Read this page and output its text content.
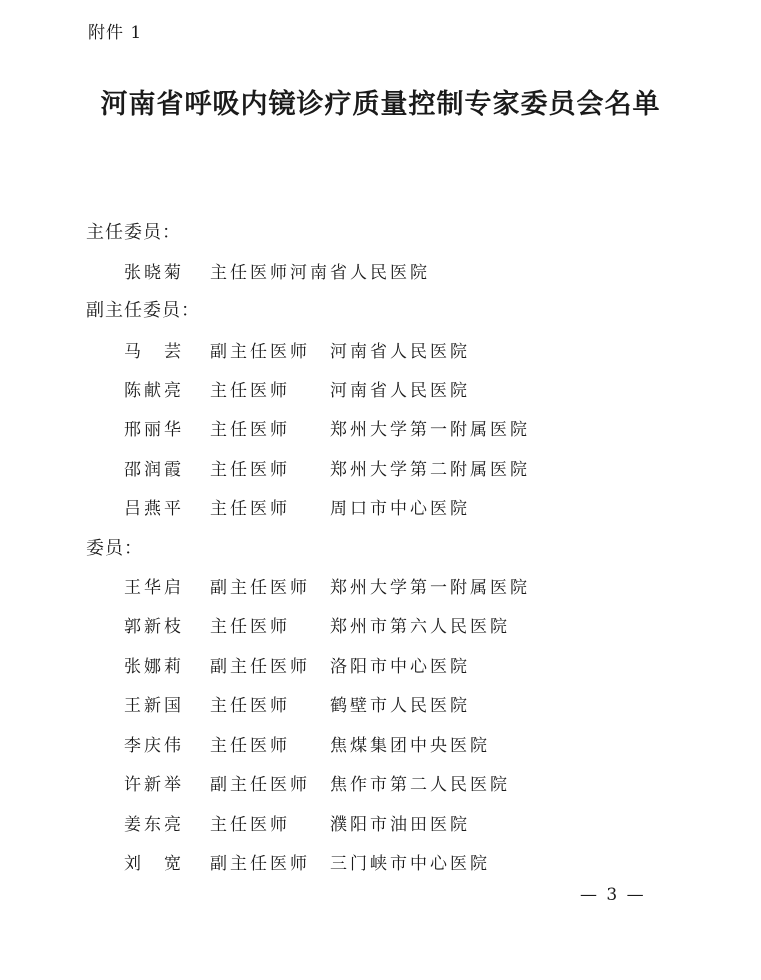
附件 1
河南省呼吸内镜诊疗质量控制专家委员会名单
主任委员：
张晓菊 主任医师河南省人民医院
副主任委员：
马　芸 副主任医师 河南省人民医院
陈献亮 主任医师 河南省人民医院
邢丽华 主任医师 郑州大学第一附属医院
邵润霞 主任医师 郑州大学第二附属医院
吕燕平 主任医师 周口市中心医院
委员：
王华启 副主任医师 郑州大学第一附属医院
郭新枝 主任医师 郑州市第六人民医院
张娜莉 副主任医师 洛阳市中心医院
王新国 主任医师 鹤壁市人民医院
李庆伟 主任医师 焦煤集团中央医院
许新举 副主任医师 焦作市第二人民医院
姜东亮 主任医师 濮阳市油田医院
刘　宽 副主任医师 三门峡市中心医院
— 3 —
